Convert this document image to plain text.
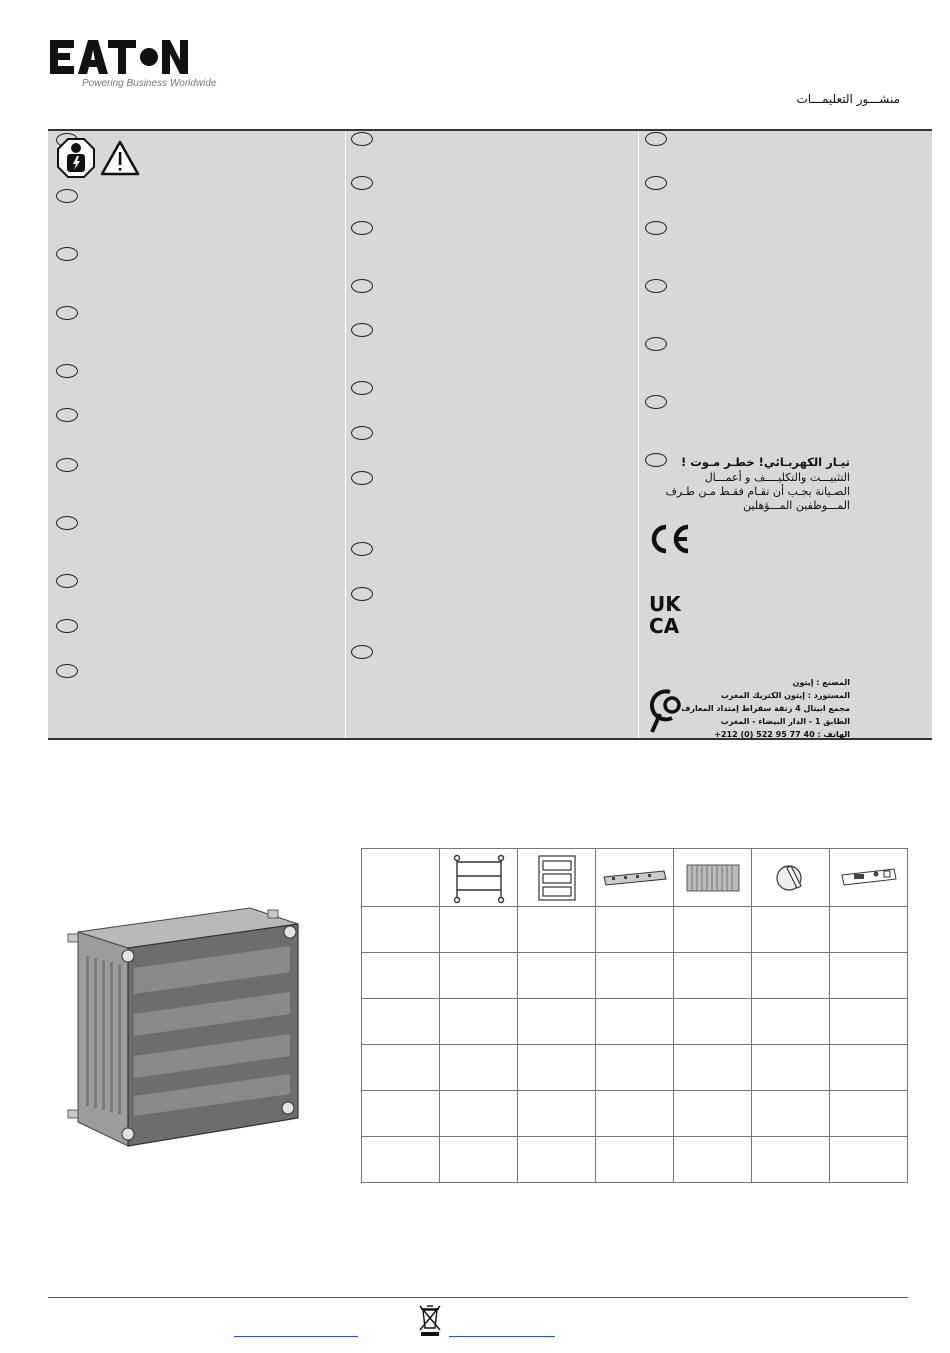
Powering Business Worldwide
منشـــور التعليمـــات
تيـار الكهربـائي! خطـر مـوت !
التثبيـــت والتكليــــف و أعمـــال
الصـيانة يجـب أن تقـام فقـط مـن طـرف
المـــوظفين المـــؤهلين
UK
CA
المصنع : إيتون
المستورد : إيتون الكتريك المغرب
مجمع ابيتال 4 زنقة سقراط إمتداد المعارف
الطابق 1 - الدار البيضاء - المغرب
الهاتف : 40 77 95 522 (0) 212+
